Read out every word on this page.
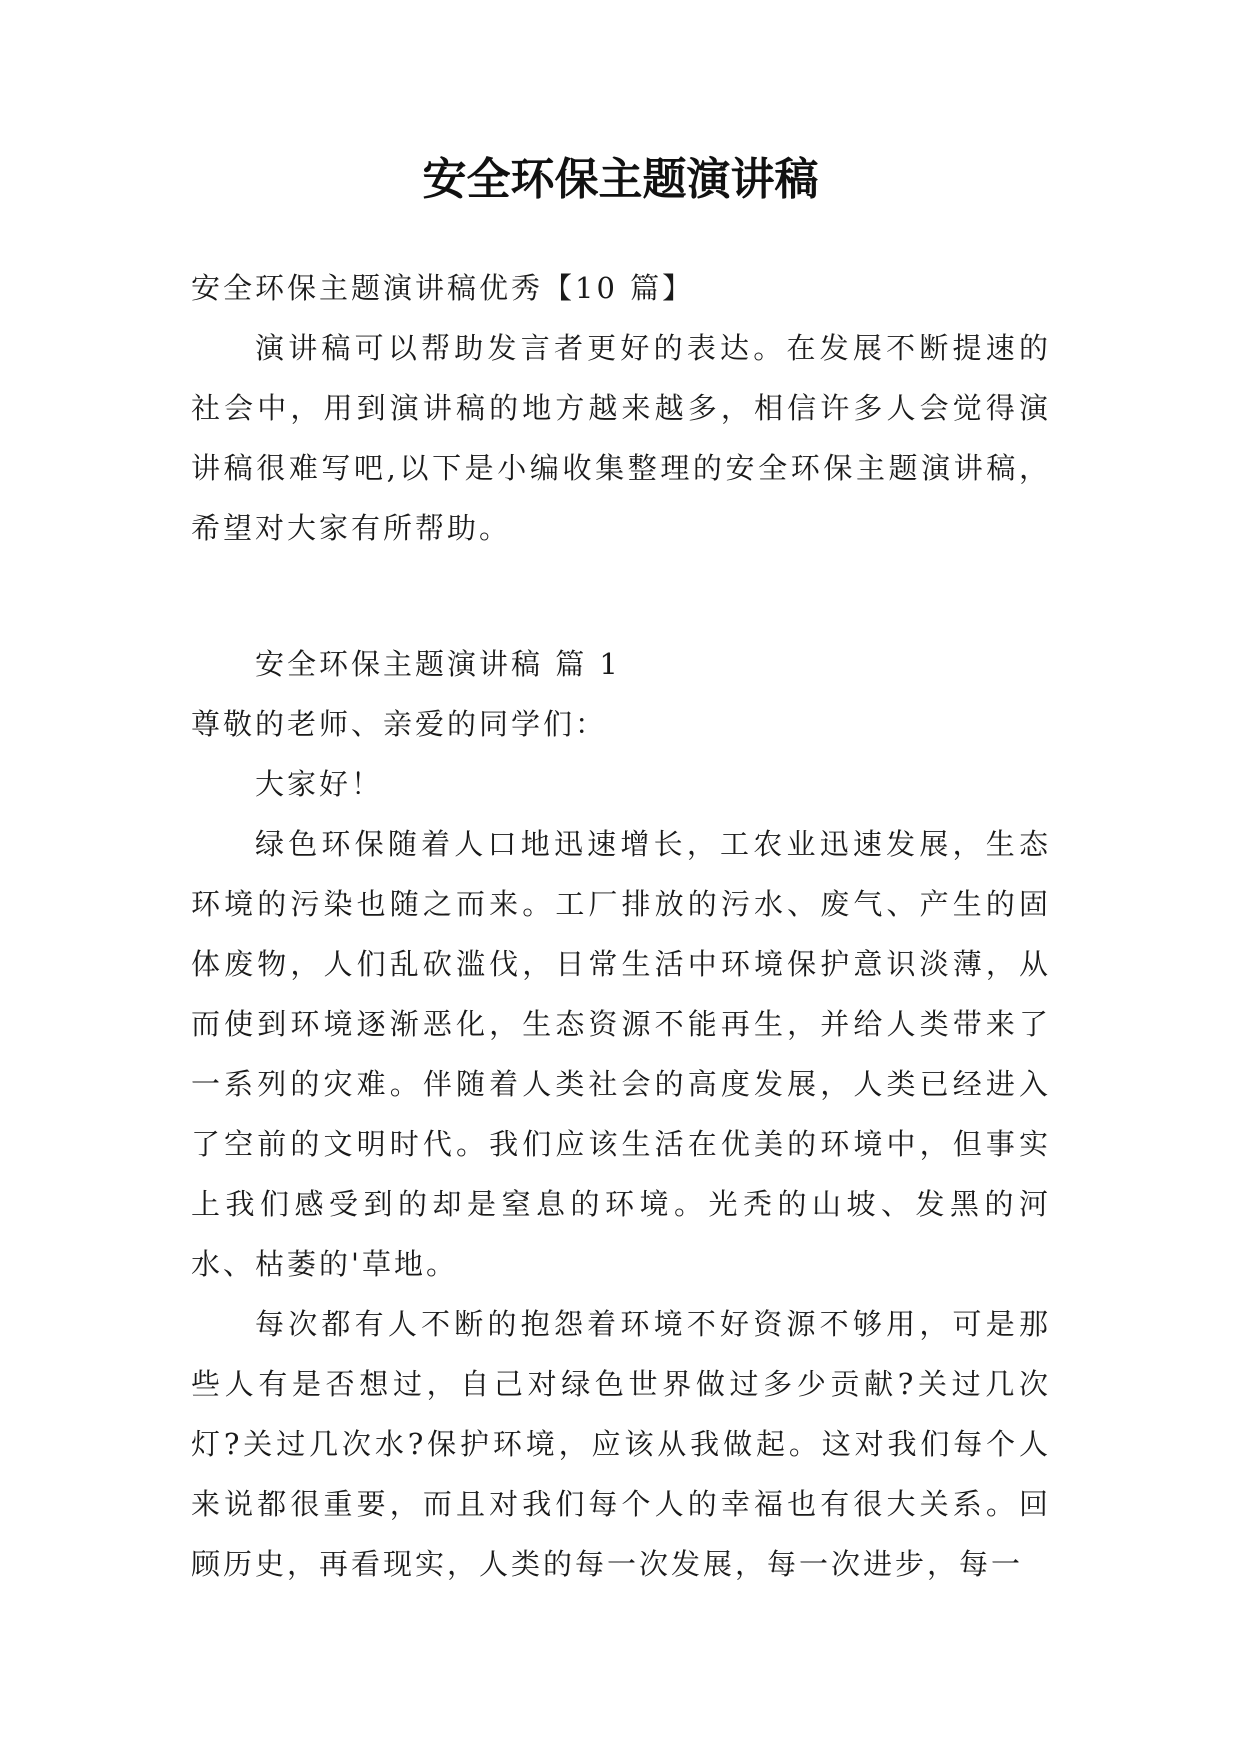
安全环保主题演讲稿

安全环保主题演讲稿优秀【10 篇】

演讲稿可以帮助发言者更好的表达。在发展不断提速的社会中，用到演讲稿的地方越来越多，相信许多人会觉得演讲稿很难写吧,以下是小编收集整理的安全环保主题演讲稿，希望对大家有所帮助。

安全环保主题演讲稿 篇 1

尊敬的老师、亲爱的同学们：

大家好！

绿色环保随着人口地迅速增长，工农业迅速发展，生态环境的污染也随之而来。工厂排放的污水、废气、产生的固体废物，人们乱砍滥伐，日常生活中环境保护意识淡薄，从而使到环境逐渐恶化，生态资源不能再生，并给人类带来了一系列的灾难。伴随着人类社会的高度发展，人类已经进入了空前的文明时代。我们应该生活在优美的环境中，但事实上我们感受到的却是窒息的环境。光秃的山坡、发黑的河水、枯萎的'草地。

每次都有人不断的抱怨着环境不好资源不够用，可是那些人有是否想过，自己对绿色世界做过多少贡献?关过几次灯?关过几次水?保护环境，应该从我做起。这对我们每个人来说都很重要，而且对我们每个人的幸福也有很大关系。回顾历史，再看现实，人类的每一次发展，每一次进步，每一
